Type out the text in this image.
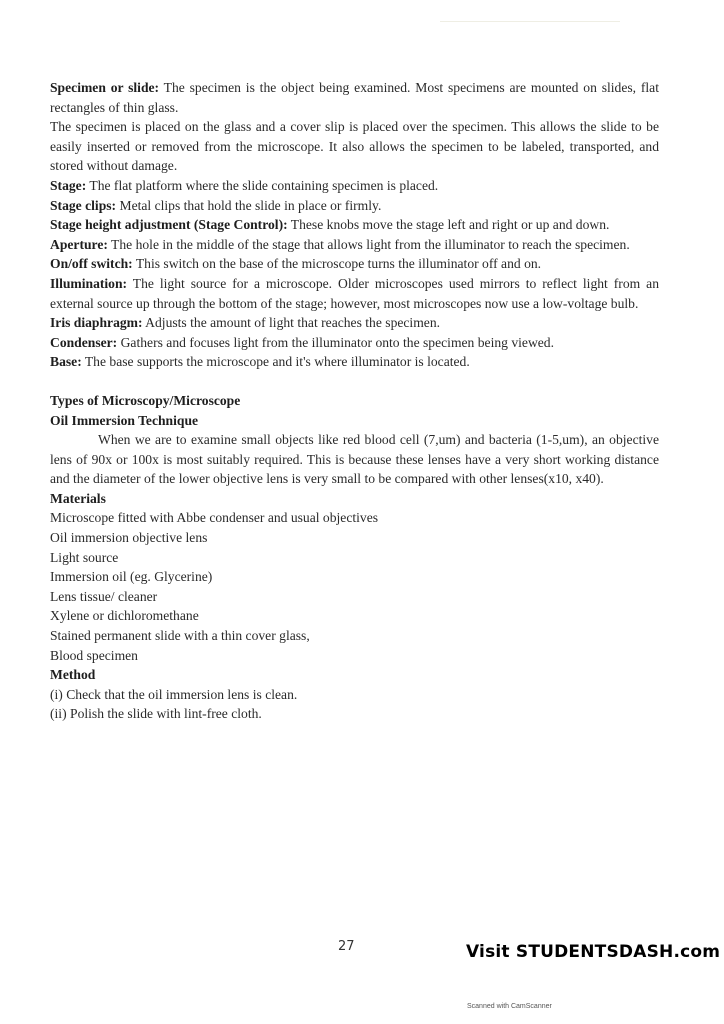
Specimen or slide: The specimen is the object being examined. Most specimens are mounted on slides, flat rectangles of thin glass.

The specimen is placed on the glass and a cover slip is placed over the specimen. This allows the slide to be easily inserted or removed from the microscope. It also allows the specimen to be labeled, transported, and stored without damage.

Stage: The flat platform where the slide containing specimen is placed.

Stage clips: Metal clips that hold the slide in place or firmly.

Stage height adjustment (Stage Control): These knobs move the stage left and right or up and down.

Aperture: The hole in the middle of the stage that allows light from the illuminator to reach the specimen.

On/off switch: This switch on the base of the microscope turns the illuminator off and on.

Illumination: The light source for a microscope. Older microscopes used mirrors to reflect light from an external source up through the bottom of the stage; however, most microscopes now use a low-voltage bulb.

Iris diaphragm: Adjusts the amount of light that reaches the specimen.

Condenser: Gathers and focuses light from the illuminator onto the specimen being viewed.

Base: The base supports the microscope and it's where illuminator is located.

Types of Microscopy/Microscope

Oil Immersion Technique

When we are to examine small objects like red blood cell (7,um) and bacteria (1-5,um), an objective lens of 90x or 100x is most suitably required. This is because these lenses have a very short working distance and the diameter of the lower objective lens is very small to be compared with other lenses(x10, x40).

Materials

Microscope fitted with Abbe condenser and usual objectives

Oil immersion objective lens

Light source

Immersion oil (eg. Glycerine)

Lens tissue/ cleaner

Xylene or dichloromethane

Stained permanent slide with a thin cover glass,

Blood specimen

Method

(i) Check that the oil immersion lens is clean.

(ii) Polish the slide with lint-free cloth.

27	Visit STUDENTSDASH.com
Scanned with CamScanner
